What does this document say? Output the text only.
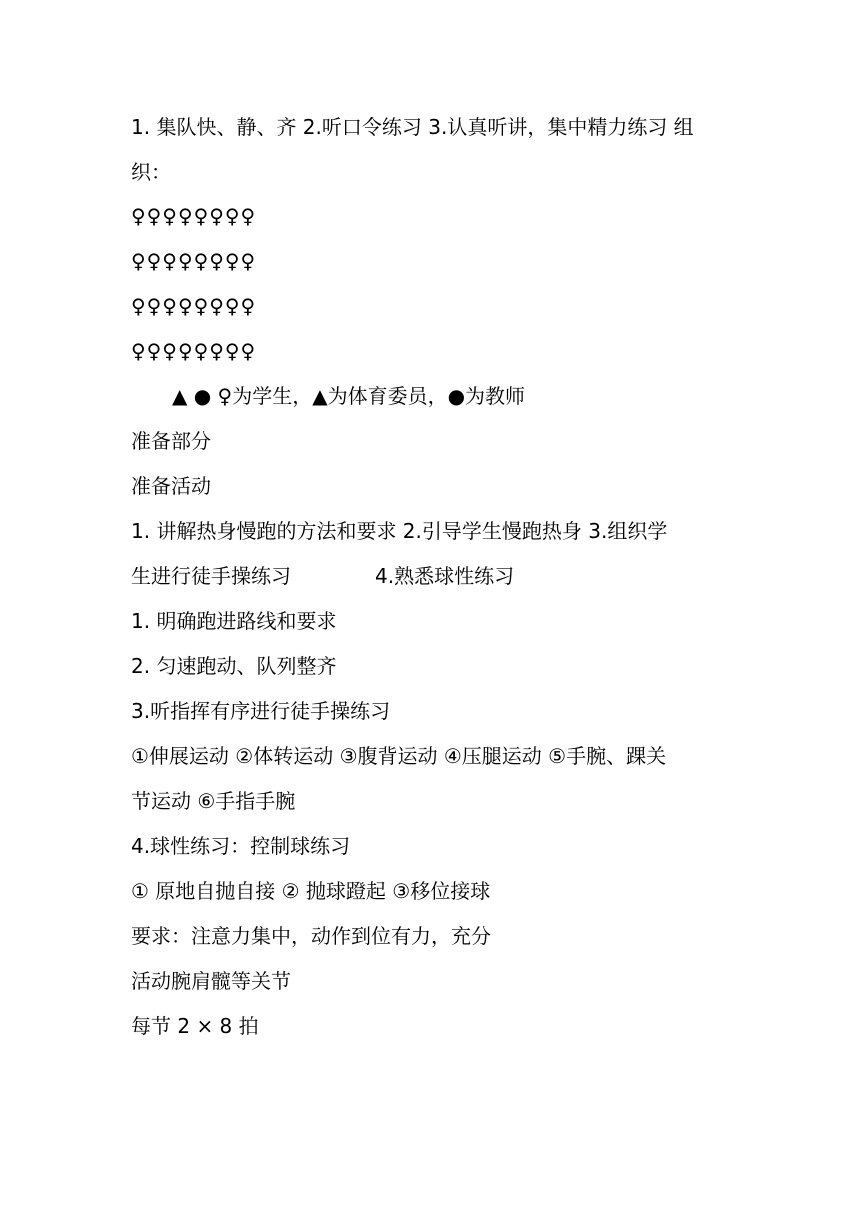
1. 集队快、静、齐 2.听口令练习 3.认真听讲，集中精力练习 组

织：

♀♀♀♀♀♀♀♀
♀♀♀♀♀♀♀♀
♀♀♀♀♀♀♀♀
♀♀♀♀♀♀♀♀
▲ ● ♀为学生，▲为体育委员，●为教师

准备部分

准备活动

1. 讲解热身慢跑的方法和要求 2.引导学生慢跑热身 3.组织学

生进行徒手操练习	4.熟悉球性练习

1. 明确跑进路线和要求

2. 匀速跑动、队列整齐

3.听指挥有序进行徒手操练习

①伸展运动 ②体转运动 ③腹背运动 ④压腿运动 ⑤手腕、踝关

节运动 ⑥手指手腕

4.球性练习：控制球练习

① 原地自抛自接 ② 抛球蹬起 ③移位接球

要求：注意力集中，动作到位有力，充分

活动腕肩髋等关节

每节 2 × 8 拍
